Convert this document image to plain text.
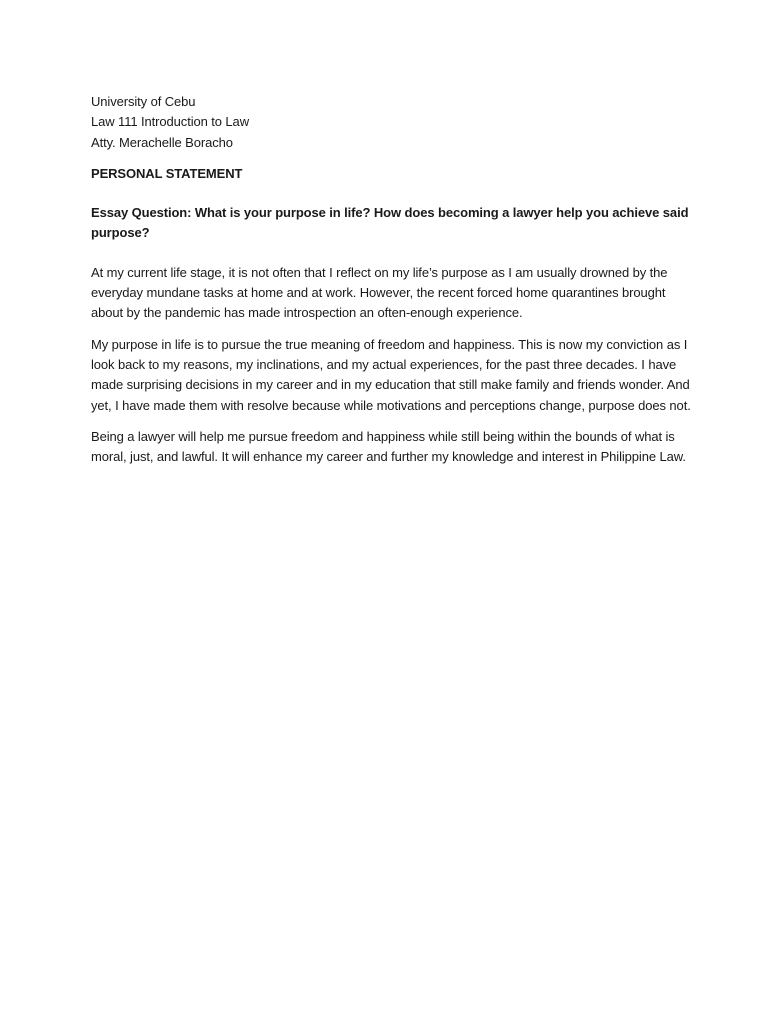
University of Cebu

Law 111 Introduction to Law

Atty. Merachelle Boracho

PERSONAL STATEMENT

Essay Question: What is your purpose in life? How does becoming a lawyer help you achieve said purpose?

At my current life stage, it is not often that I reflect on my life’s purpose as I am usually drowned by the everyday mundane tasks at home and at work. However, the recent forced home quarantines brought about by the pandemic has made introspection an often-enough experience.

My purpose in life is to pursue the true meaning of freedom and happiness. This is now my conviction as I look back to my reasons, my inclinations, and my actual experiences, for the past three decades. I have made surprising decisions in my career and in my education that still make family and friends wonder. And yet, I have made them with resolve because while motivations and perceptions change, purpose does not.

Being a lawyer will help me pursue freedom and happiness while still being within the bounds of what is moral, just, and lawful. It will enhance my career and further my knowledge and interest in Philippine Law.
